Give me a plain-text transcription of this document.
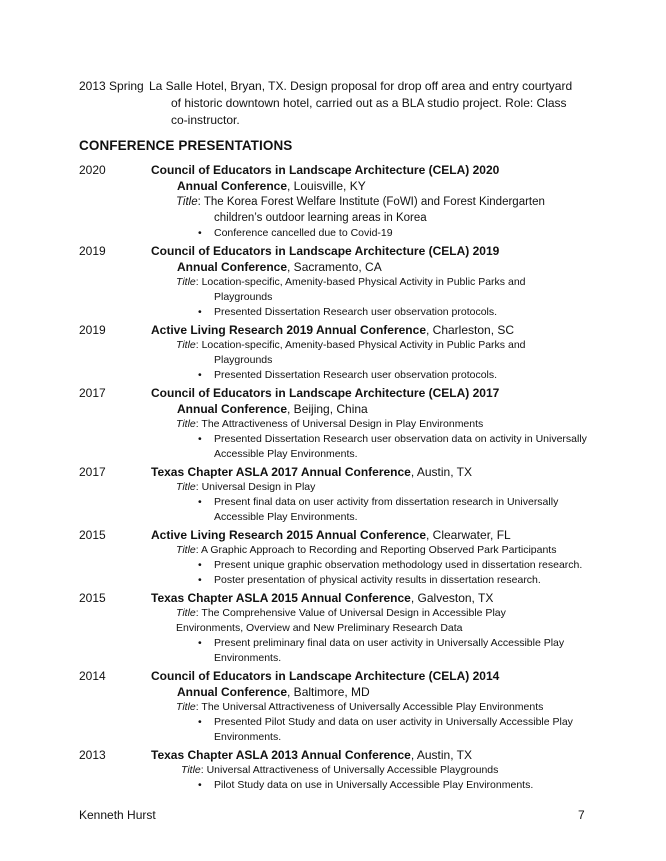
2013 Spring La Salle Hotel, Bryan, TX. Design proposal for drop off area and entry courtyard
of historic downtown hotel, carried out as a BLA studio project. Role: Class
co-instructor.
CONFERENCE PRESENTATIONS
2020	Council of Educators in Landscape Architecture (CELA) 2020
Annual Conference, Louisville, KY
Title: The Korea Forest Welfare Institute (FoWI) and Forest Kindergarten
children’s outdoor learning areas in Korea
• Conference cancelled due to Covid-19
2019	Council of Educators in Landscape Architecture (CELA) 2019
Annual Conference, Sacramento, CA
Title: Location-specific, Amenity-based Physical Activity in Public Parks and
Playgrounds
• Presented Dissertation Research user observation protocols.
2019	Active Living Research 2019 Annual Conference, Charleston, SC
Title: Location-specific, Amenity-based Physical Activity in Public Parks and
Playgrounds
• Presented Dissertation Research user observation protocols.
2017	Council of Educators in Landscape Architecture (CELA) 2017
Annual Conference, Beijing, China
Title: The Attractiveness of Universal Design in Play Environments
• Presented Dissertation Research user observation data on activity in Universally Accessible Play Environments.
2017	Texas Chapter ASLA 2017 Annual Conference, Austin, TX
Title: Universal Design in Play
• Present final data on user activity from dissertation research in Universally Accessible Play Environments.
2015	Active Living Research 2015 Annual Conference, Clearwater, FL
Title: A Graphic Approach to Recording and Reporting Observed Park Participants
• Present unique graphic observation methodology used in dissertation research.
• Poster presentation of physical activity results in dissertation research.
2015	Texas Chapter ASLA 2015 Annual Conference, Galveston, TX
Title: The Comprehensive Value of Universal Design in Accessible Play
Environments, Overview and New Preliminary Research Data
• Present preliminary final data on user activity in Universally Accessible Play Environments.
2014	Council of Educators in Landscape Architecture (CELA) 2014
Annual Conference, Baltimore, MD
Title: The Universal Attractiveness of Universally Accessible Play Environments
• Presented Pilot Study and data on user activity in Universally Accessible Play Environments.
2013	Texas Chapter ASLA 2013 Annual Conference, Austin, TX
Title: Universal Attractiveness of Universally Accessible Playgrounds
• Pilot Study data on use in Universally Accessible Play Environments.
Kenneth Hurst	7
